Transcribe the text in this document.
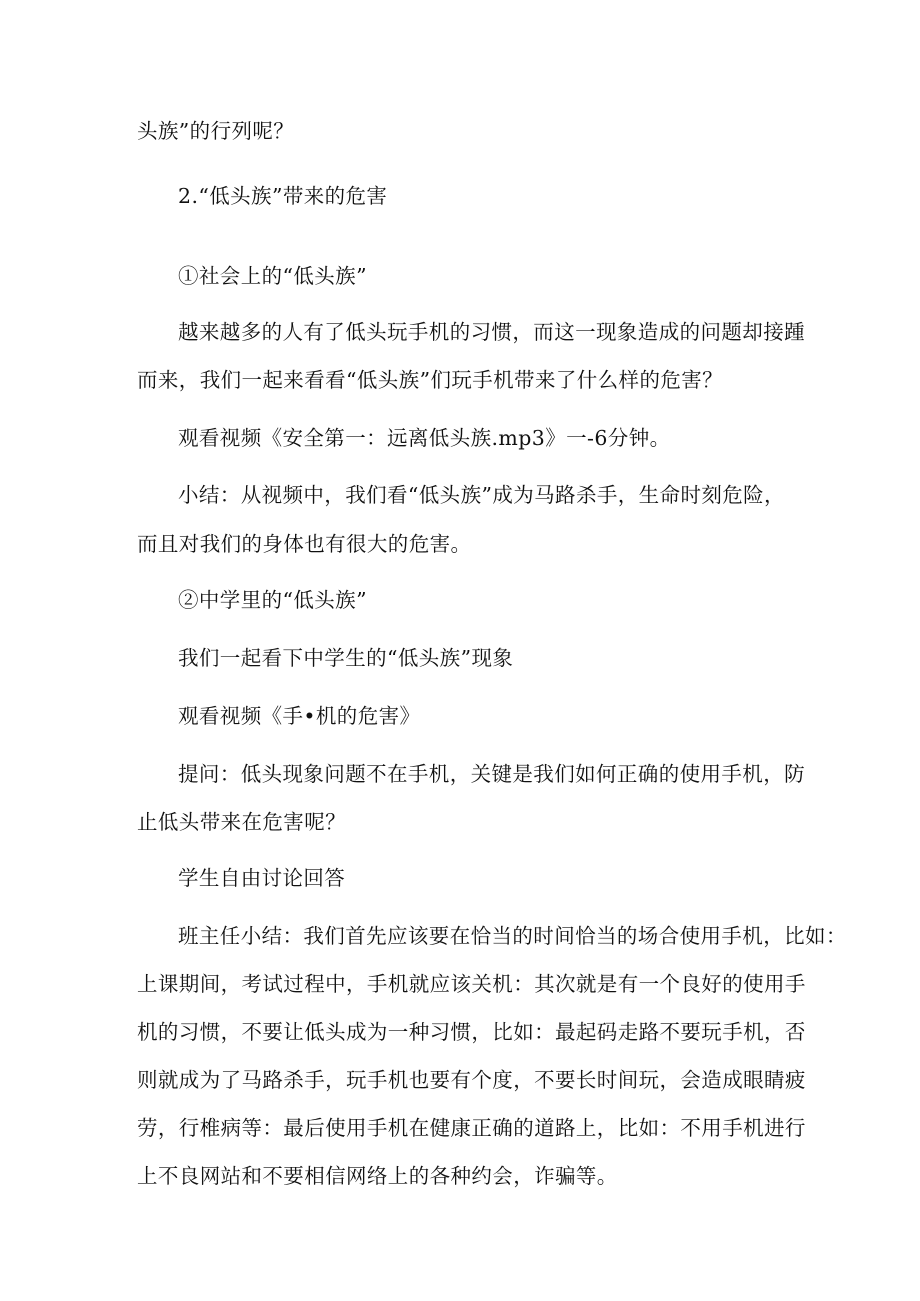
头族”的行列呢？
2.“低头族”带来的危害
①社会上的“低头族”
越来越多的人有了低头玩手机的习惯，而这一现象造成的问题却接踵
而来，我们一起来看看“低头族”们玩手机带来了什么样的危害？
观看视频《安全第一：远离低头族.mp3》一-6分钟。
小结：从视频中，我们看“低头族”成为马路杀手，生命时刻危险，
而且对我们的身体也有很大的危害。
②中学里的“低头族”
我们一起看下中学生的“低头族”现象
观看视频《手•机的危害》
提问：低头现象问题不在手机，关键是我们如何正确的使用手机，防
止低头带来在危害呢？
学生自由讨论回答
班主任小结：我们首先应该要在恰当的时间恰当的场合使用手机，比如：
上课期间，考试过程中，手机就应该关机：其次就是有一个良好的使用手
机的习惯，不要让低头成为一种习惯，比如：最起码走路不要玩手机，否
则就成为了马路杀手，玩手机也要有个度，不要长时间玩，会造成眼睛疲
劳，行椎病等：最后使用手机在健康正确的道路上，比如：不用手机进行
上不良网站和不要相信网络上的各种约会，诈骗等。
